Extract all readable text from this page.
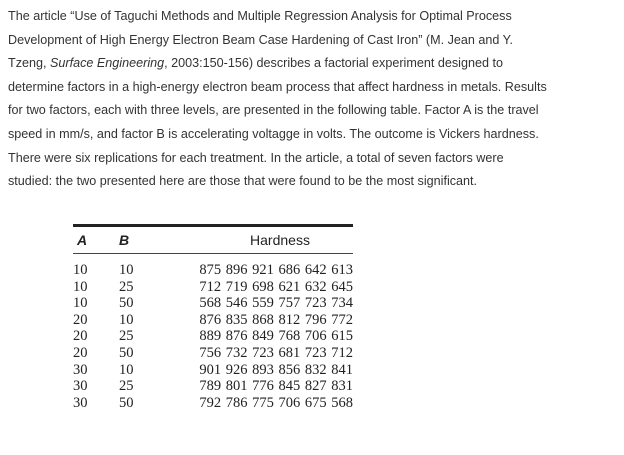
The article “Use of Taguchi Methods and Multiple Regression Analysis for Optimal Process
Development of High Energy Electron Beam Case Hardening of Cast Iron” (M. Jean and Y.
Tzeng, Surface Engineering, 2003:150-156) describes a factorial experiment designed to
determine factors in a high-energy electron beam process that affect hardness in metals. Results
for two factors, each with three levels, are presented in the following table. Factor A is the travel
speed in mm/s, and factor B is accelerating voltagge in volts. The outcome is Vickers hardness.
There were six replications for each treatment. In the article, a total of seven factors were
studied: the two presented here are those that were found to be the most significant.
A	B	Hardness
10	10	875 896 921 686 642 613
10	25	712 719 698 621 632 645
10	50	568 546 559 757 723 734
20	10	876 835 868 812 796 772
20	25	889 876 849 768 706 615
20	50	756 732 723 681 723 712
30	10	901 926 893 856 832 841
30	25	789 801 776 845 827 831
30	50	792 786 775 706 675 568
